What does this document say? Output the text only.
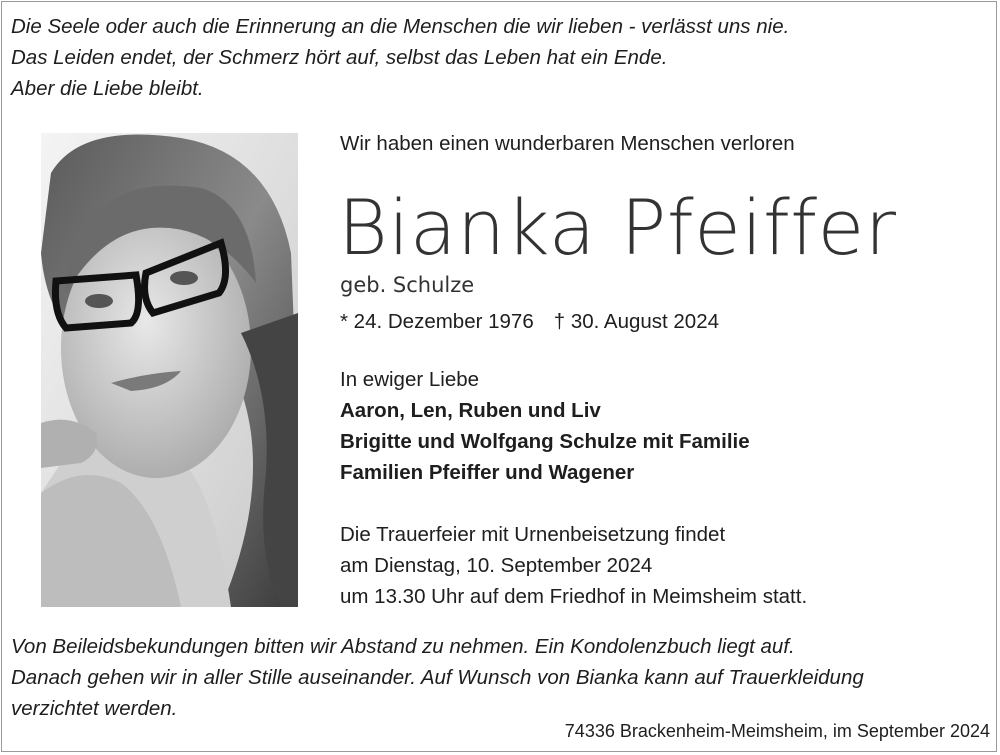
Die Seele oder auch die Erinnerung an die Menschen die wir lieben - verlässt uns nie.
Das Leiden endet, der Schmerz hört auf, selbst das Leben hat ein Ende.
Aber die Liebe bleibt.
Wir haben einen wunderbaren Menschen verloren
Bianka Pfeiffer
geb. Schulze
* 24. Dezember 1976 † 30. August 2024
In ewiger Liebe
Aaron, Len, Ruben und Liv
Brigitte und Wolfgang Schulze mit Familie
Familien Pfeiffer und Wagener
Die Trauerfeier mit Urnenbeisetzung findet
am Dienstag, 10. September 2024
um 13.30 Uhr auf dem Friedhof in Meimsheim statt.
Von Beileidsbekundungen bitten wir Abstand zu nehmen. Ein Kondolenzbuch liegt auf.
Danach gehen wir in aller Stille auseinander. Auf Wunsch von Bianka kann auf Trauerkleidung
verzichtet werden.
74336 Brackenheim-Meimsheim, im September 2024
